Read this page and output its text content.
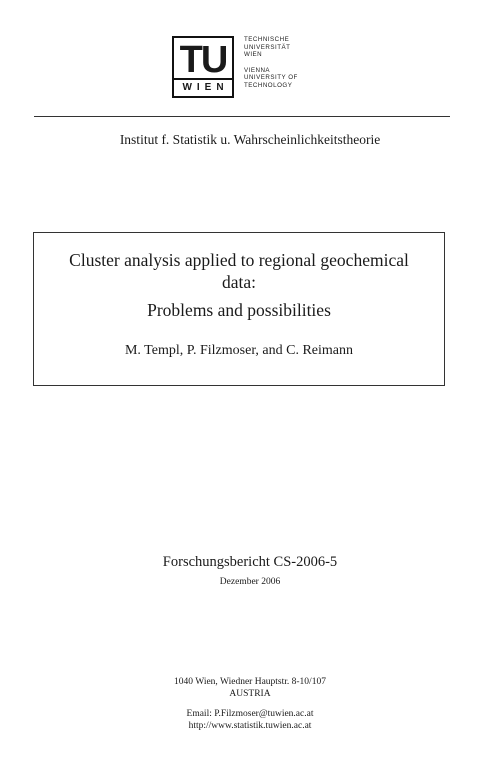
TU
WIEN
TECHNISCHE
UNIVERSITÄT
WIEN
VIENNA
UNIVERSITY OF
TECHNOLOGY
Institut f. Statistik u. Wahrscheinlichkeitstheorie
Cluster analysis applied to regional geochemical
data:
Problems and possibilities
M. Templ, P. Filzmoser, and C. Reimann
Forschungsbericht CS-2006-5
Dezember 2006
1040 Wien, Wiedner Hauptstr. 8-10/107
AUSTRIA
Email: P.Filzmoser@tuwien.ac.at
http://www.statistik.tuwien.ac.at
